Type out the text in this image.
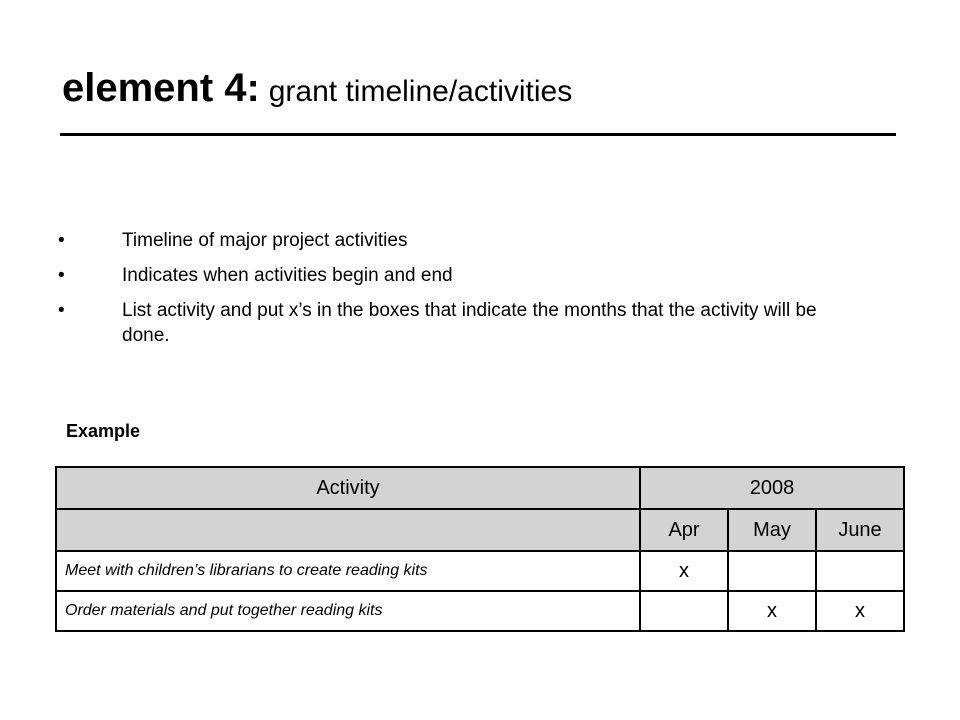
element 4: grant timeline/activities
•	Timeline of major project activities
•	Indicates when activities begin and end
•	List activity and put x’s in the boxes that indicate the months that the activity will be done.
Example
Activity	2008		
	Apr	May	June
Meet with children’s librarians to create reading kits	x		
Order materials and put together reading kits		x	x
